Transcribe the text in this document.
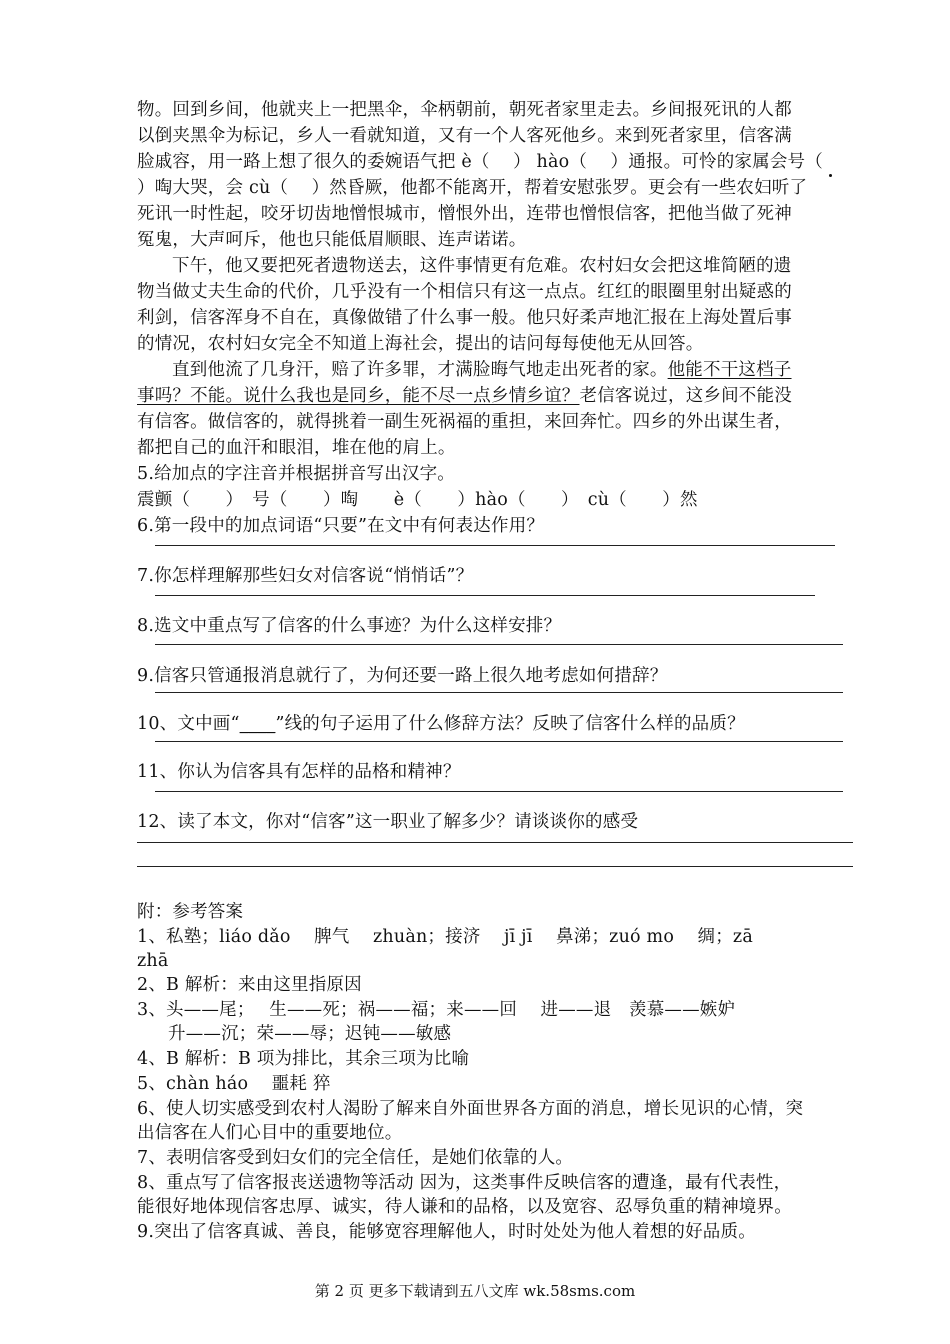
物。回到乡间，他就夹上一把黑伞，伞柄朝前，朝死者家里走去。乡间报死讯的人都
以倒夹黑伞为标记，乡人一看就知道，又有一个人客死他乡。来到死者家里，信客满
脸戚容，用一路上想了很久的委婉语气把 è（　 ） hào（　 ）通报。可怜的家属会号（
）啕大哭，会 cù（　 ）然昏厥，他都不能离开，帮着安慰张罗。更会有一些农妇听了
死讯一时性起，咬牙切齿地憎恨城市，憎恨外出，连带也憎恨信客，把他当做了死神
冤鬼，大声呵斥，他也只能低眉顺眼、连声诺诺。
下午，他又要把死者遗物送去，这件事情更有危难。农村妇女会把这堆简陋的遗
物当做丈夫生命的代价，几乎没有一个相信只有这一点点。红红的眼圈里射出疑惑的
利剑，信客浑身不自在，真像做错了什么事一般。他只好柔声地汇报在上海处置后事
的情况，农村妇女完全不知道上海社会，提出的诘问每每使他无从回答。
直到他流了几身汗，赔了许多罪，才满脸晦气地走出死者的家。他能不干这档子
事吗？不能。说什么我也是同乡，能不尽一点乡情乡谊？老信客说过，这乡间不能没
有信客。做信客的，就得挑着一副生死祸福的重担，来回奔忙。四乡的外出谋生者，
都把自己的血汗和眼泪，堆在他的肩上。
5.给加点的字注音并根据拼音写出汉字。
震颤（　　）　号（　　）啕　　è（　　）hào（　　）　cù（　　）然
6.第一段中的加点词语“只要”在文中有何表达作用？
7.你怎样理解那些妇女对信客说“悄悄话”？
8.选文中重点写了信客的什么事迹？为什么这样安排？
9.信客只管通报消息就行了，为何还要一路上很久地考虑如何措辞？
10、文中画“____”线的句子运用了什么修辞方法？反映了信客什么样的品质？
11、你认为信客具有怎样的品格和精神？
12、读了本文，你对“信客”这一职业了解多少？请谈谈你的感受
附：参考答案
1、私塾；liáo dǎo　 脾气　 zhuàn；接济　 jī jī　 鼻涕；zuó mo　 绸；zā
zhā
2、B 解析：来由这里指原因
3、头——尾；　 生——死；祸——福；来——回　 进——退　羡慕——嫉妒
升——沉；荣——辱；迟钝——敏感
4、B 解析：B 项为排比，其余三项为比喻
5、chàn háo　 噩耗 猝
6、使人切实感受到农村人渴盼了解来自外面世界各方面的消息，增长见识的心情，突
出信客在人们心目中的重要地位。
7、表明信客受到妇女们的完全信任，是她们依靠的人。
8、重点写了信客报丧送遗物等活动 因为，这类事件反映信客的遭逢，最有代表性，
能很好地体现信客忠厚、诚实，待人谦和的品格，以及宽容、忍辱负重的精神境界。
9.突出了信客真诚、善良，能够宽容理解他人，时时处处为他人着想的好品质。
第 2 页 更多下载请到五八文库 wk.58sms.com
